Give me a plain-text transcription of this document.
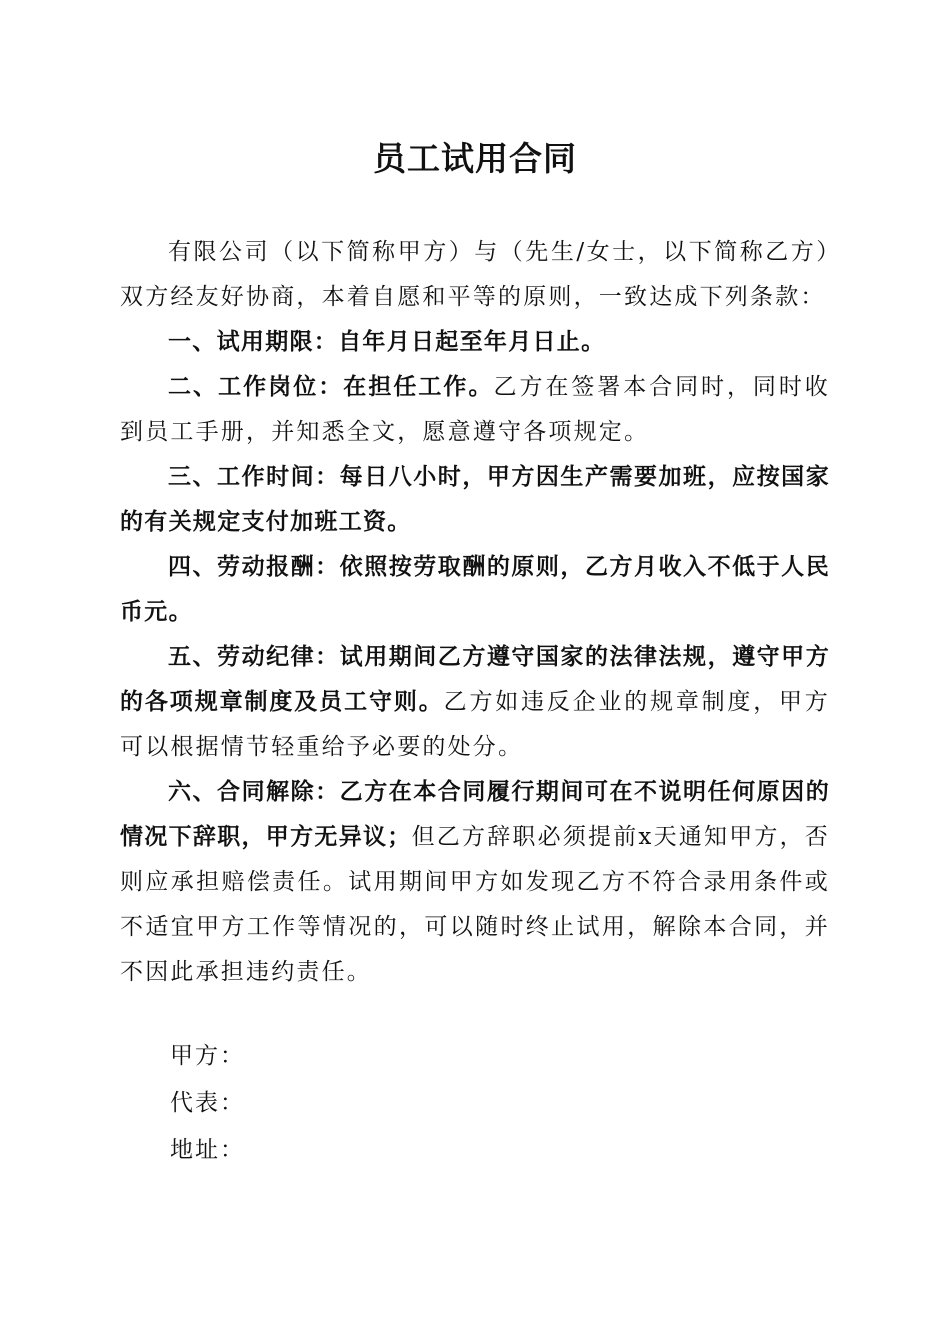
员工试用合同

有限公司（以下简称甲方）与（先生/女士，以下简称乙方）双方经友好协商，本着自愿和平等的原则，一致达成下列条款：

一、试用期限：自年月日起至年月日止。

二、工作岗位：在担任工作。乙方在签署本合同时，同时收到员工手册，并知悉全文，愿意遵守各项规定。

三、工作时间：每日八小时，甲方因生产需要加班，应按国家的有关规定支付加班工资。

四、劳动报酬：依照按劳取酬的原则，乙方月收入不低于人民币元。

五、劳动纪律：试用期间乙方遵守国家的法律法规，遵守甲方的各项规章制度及员工守则。乙方如违反企业的规章制度，甲方可以根据情节轻重给予必要的处分。

六、合同解除：乙方在本合同履行期间可在不说明任何原因的情况下辞职，甲方无异议；但乙方辞职必须提前x天通知甲方，否则应承担赔偿责任。试用期间甲方如发现乙方不符合录用条件或不适宜甲方工作等情况的，可以随时终止试用，解除本合同，并不因此承担违约责任。

甲方：
代表：
地址：
